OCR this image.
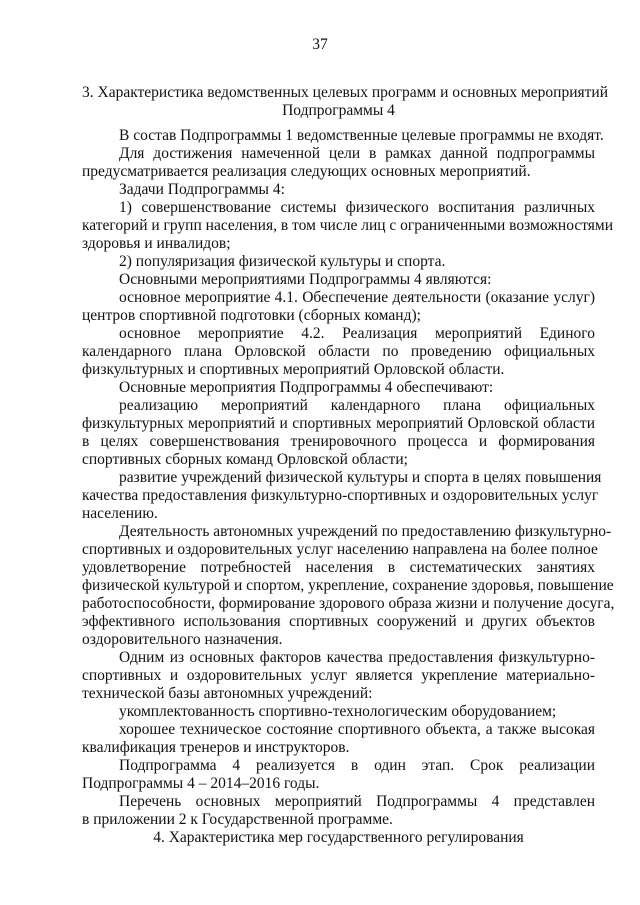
37
3. Характеристика ведомственных целевых программ и основных мероприятий
Подпрограммы 4
В состав Подпрограммы 1 ведомственные целевые программы не входят.
Для достижения намеченной цели в рамках данной подпрограммы
предусматривается реализация следующих основных мероприятий.
Задачи Подпрограммы 4:
1) совершенствование системы физического воспитания различных
категорий и групп населения, в том числе лиц с ограниченными возможностями
здоровья и инвалидов;
2) популяризация физической культуры и спорта.
Основными мероприятиями Подпрограммы 4 являются:
основное мероприятие 4.1. Обеспечение деятельности (оказание услуг)
центров спортивной подготовки (сборных команд);
основное мероприятие 4.2. Реализация мероприятий Единого
календарного плана Орловской области по проведению официальных
физкультурных и спортивных мероприятий Орловской области.
Основные мероприятия Подпрограммы 4 обеспечивают:
реализацию мероприятий календарного плана официальных
физкультурных мероприятий и спортивных мероприятий Орловской области
в целях совершенствования тренировочного процесса и формирования
спортивных сборных команд Орловской области;
развитие учреждений физической культуры и спорта в целях повышения
качества предоставления физкультурно-спортивных и оздоровительных услуг
населению.
Деятельность автономных учреждений по предоставлению физкультурно-
спортивных и оздоровительных услуг населению направлена на более полное
удовлетворение потребностей населения в систематических занятиях
физической культурой и спортом, укрепление, сохранение здоровья, повышение
работоспособности, формирование здорового образа жизни и получение досуга,
эффективного использования спортивных сооружений и других объектов
оздоровительного назначения.
Одним из основных факторов качества предоставления физкультурно-
спортивных и оздоровительных услуг является укрепление материально-
технической базы автономных учреждений:
укомплектованность спортивно-технологическим оборудованием;
хорошее техническое состояние спортивного объекта, а также высокая
квалификация тренеров и инструкторов.
Подпрограмма 4 реализуется в один этап. Срок реализации
Подпрограммы 4 – 2014–2016 годы.
Перечень основных мероприятий Подпрограммы 4 представлен
в приложении 2 к Государственной программе.
4. Характеристика мер государственного регулирования
